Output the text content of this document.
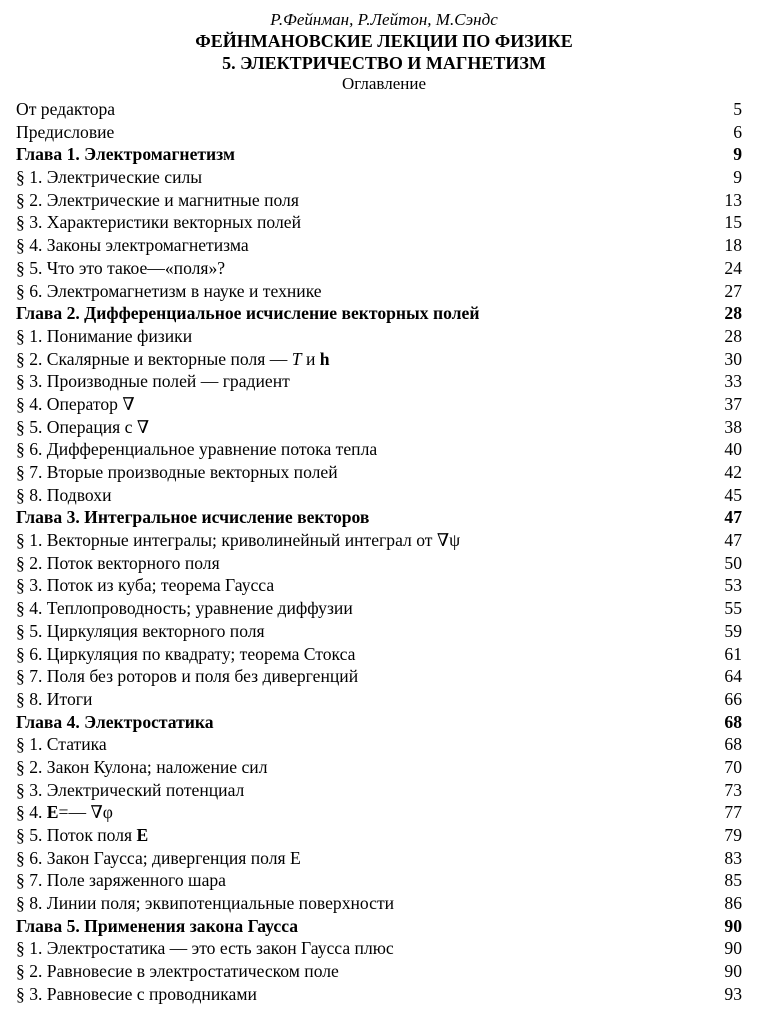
Р.Фейнман, Р.Лейтон, М.Сэндс
ФЕЙНМАНОВСКИЕ ЛЕКЦИИ ПО ФИЗИКЕ
5. ЭЛЕКТРИЧЕСТВО И МАГНЕТИЗМ
Оглавление
От редактора	5
Предисловие	6
Глава 1. Электромагнетизм	9
§ 1. Электрические силы	9
§ 2. Электрические и магнитные поля	13
§ 3. Характеристики векторных полей	15
§ 4. Законы электромагнетизма	18
§ 5. Что это такое—«поля»?	24
§ 6. Электромагнетизм в науке и технике	27
Глава 2. Дифференциальное исчисление векторных полей	28
§ 1. Понимание физики	28
§ 2. Скалярные и векторные поля — T и h	30
§ 3. Производные полей — градиент	33
§ 4. Оператор ∇	37
§ 5. Операция с ∇	38
§ 6. Дифференциальное уравнение потока тепла	40
§ 7. Вторые производные векторных полей	42
§ 8. Подвохи	45
Глава 3. Интегральное исчисление векторов	47
§ 1. Векторные интегралы; криволинейный интеграл от ∇ψ	47
§ 2. Поток векторного поля	50
§ 3. Поток из куба; теорема Гаусса	53
§ 4. Теплопроводность; уравнение диффузии	55
§ 5. Циркуляция векторного поля	59
§ 6. Циркуляция по квадрату; теорема Стокса	61
§ 7. Поля без роторов и поля без дивергенций	64
§ 8. Итоги	66
Глава 4. Электростатика	68
§ 1. Статика	68
§ 2. Закон Кулона; наложение сил	70
§ 3. Электрический потенциал	73
§ 4. E=— ∇φ	77
§ 5. Поток поля E	79
§ 6. Закон Гаусса; дивергенция поля E	83
§ 7. Поле заряженного шара	85
§ 8. Линии поля; эквипотенциальные поверхности	86
Глава 5. Применения закона Гаусса	90
§ 1. Электростатика — это есть закон Гаусса плюс	90
§ 2. Равновесие в электростатическом поле	90
§ 3. Равновесие с проводниками	93
